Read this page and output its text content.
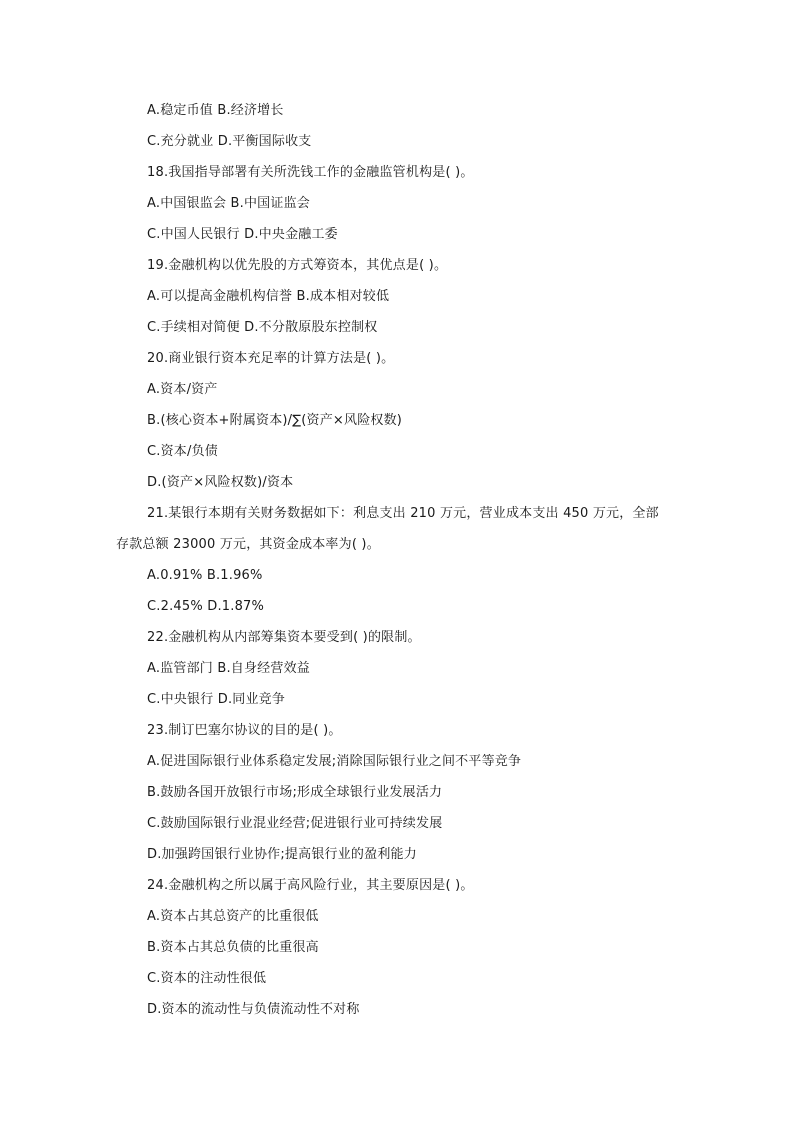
A.稳定币值 B.经济增长
C.充分就业 D.平衡国际收支
18.我国指导部署有关所洗钱工作的金融监管机构是( )。
A.中国银监会 B.中国证监会
C.中国人民银行 D.中央金融工委
19.金融机构以优先股的方式筹资本，其优点是( )。
A.可以提高金融机构信誉 B.成本相对较低
C.手续相对简便 D.不分散原股东控制权
20.商业银行资本充足率的计算方法是( )。
A.资本/资产
B.(核心资本+附属资本)/∑(资产×风险权数)
C.资本/负债
D.(资产×风险权数)/资本
21.某银行本期有关财务数据如下：利息支出 210 万元，营业成本支出 450 万元，全部
存款总额 23000 万元，其资金成本率为( )。
A.0.91% B.1.96%
C.2.45% D.1.87%
22.金融机构从内部筹集资本要受到( )的限制。
A.监管部门 B.自身经营效益
C.中央银行 D.同业竞争
23.制订巴塞尔协议的目的是( )。
A.促进国际银行业体系稳定发展;消除国际银行业之间不平等竞争
B.鼓励各国开放银行市场;形成全球银行业发展活力
C.鼓励国际银行业混业经营;促进银行业可持续发展
D.加强跨国银行业协作;提高银行业的盈利能力
24.金融机构之所以属于高风险行业，其主要原因是( )。
A.资本占其总资产的比重很低
B.资本占其总负债的比重很高
C.资本的注动性很低
D.资本的流动性与负债流动性不对称
